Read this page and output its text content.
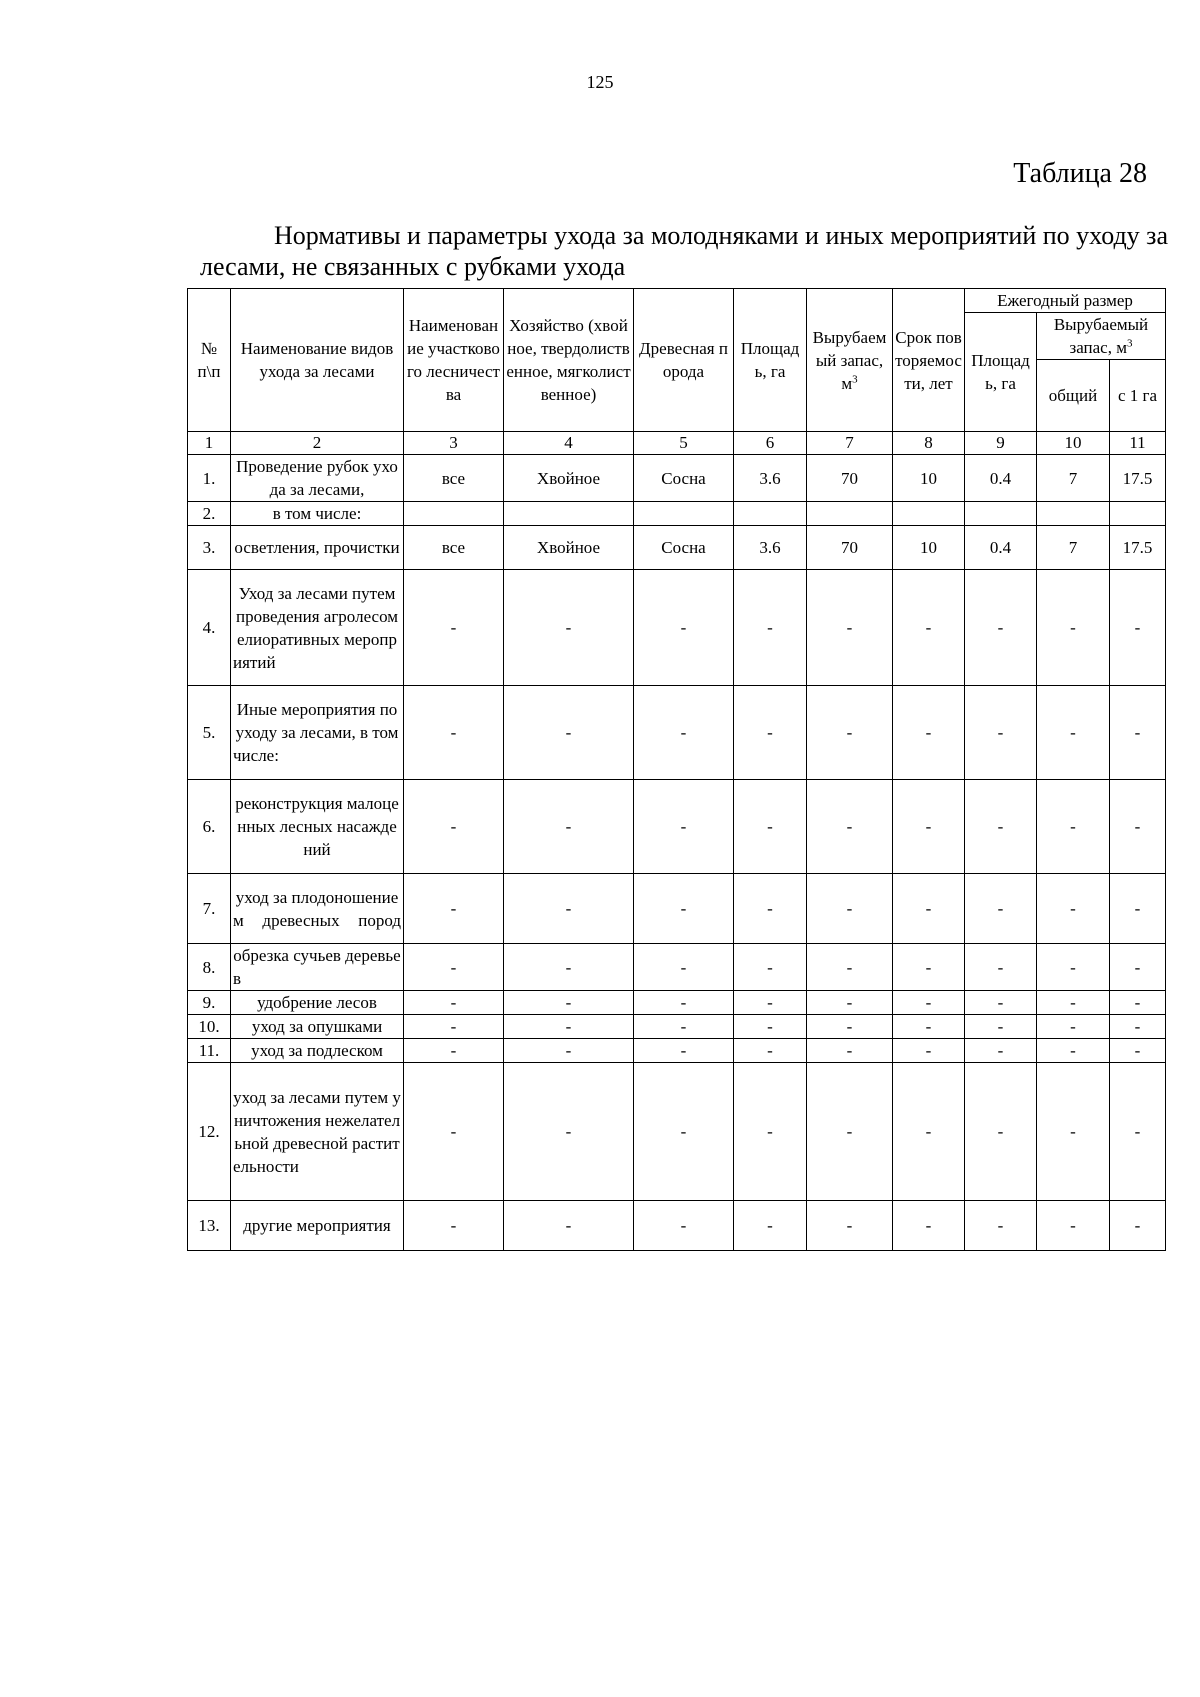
125
Таблица 28
Нормативы и параметры ухода за молодняками и иных мероприятий по уходу за лесами, не связанных с рубками ухода
№ п\п	Наименование видов ухода за лесами	Наименование участкового лесничества	Хозяйство (хвойное, твердолиственное, мягколиственное)	Древесная порода	Площадь, га	Вырубаемый запас, $м^3$	Срок повторяемости, лет	Ежегодный размер		
								Площадь, га	Вырубаемый запас, $м^3$
									общий	с 1 га
1	2	3	4	5	6	7	8	9	10	11
1.	Проведение рубок ухода за лесами,	все	Хвойное	Сосна	3.6	70	10	0.4	7	17.5
2.	в том числе:									
3.	осветления, прочистки	все	Хвойное	Сосна	3.6	70	10	0.4	7	17.5
4.	Уход за лесами путем проведения агролесомелиоративных мероприятий	-	-	-	-	-	-	-	-	-
5.	Иные мероприятия по уходу за лесами, в том числе:	-	-	-	-	-	-	-	-	-
6.	реконструкция малоценных лесных насаждений	-	-	-	-	-	-	-	-	-
7.	уход за плодоношением древесных пород	-	-	-	-	-	-	-	-	-
8.	обрезка сучьев деревьев	-	-	-	-	-	-	-	-	-
9.	удобрение лесов	-	-	-	-	-	-	-	-	-
10.	уход за опушками	-	-	-	-	-	-	-	-	-
11.	уход за подлеском	-	-	-	-	-	-	-	-	-
12.	уход за лесами путем уничтожения нежелательной древесной растительности	-	-	-	-	-	-	-	-	-
13.	другие мероприятия	-	-	-	-	-	-	-	-	-
